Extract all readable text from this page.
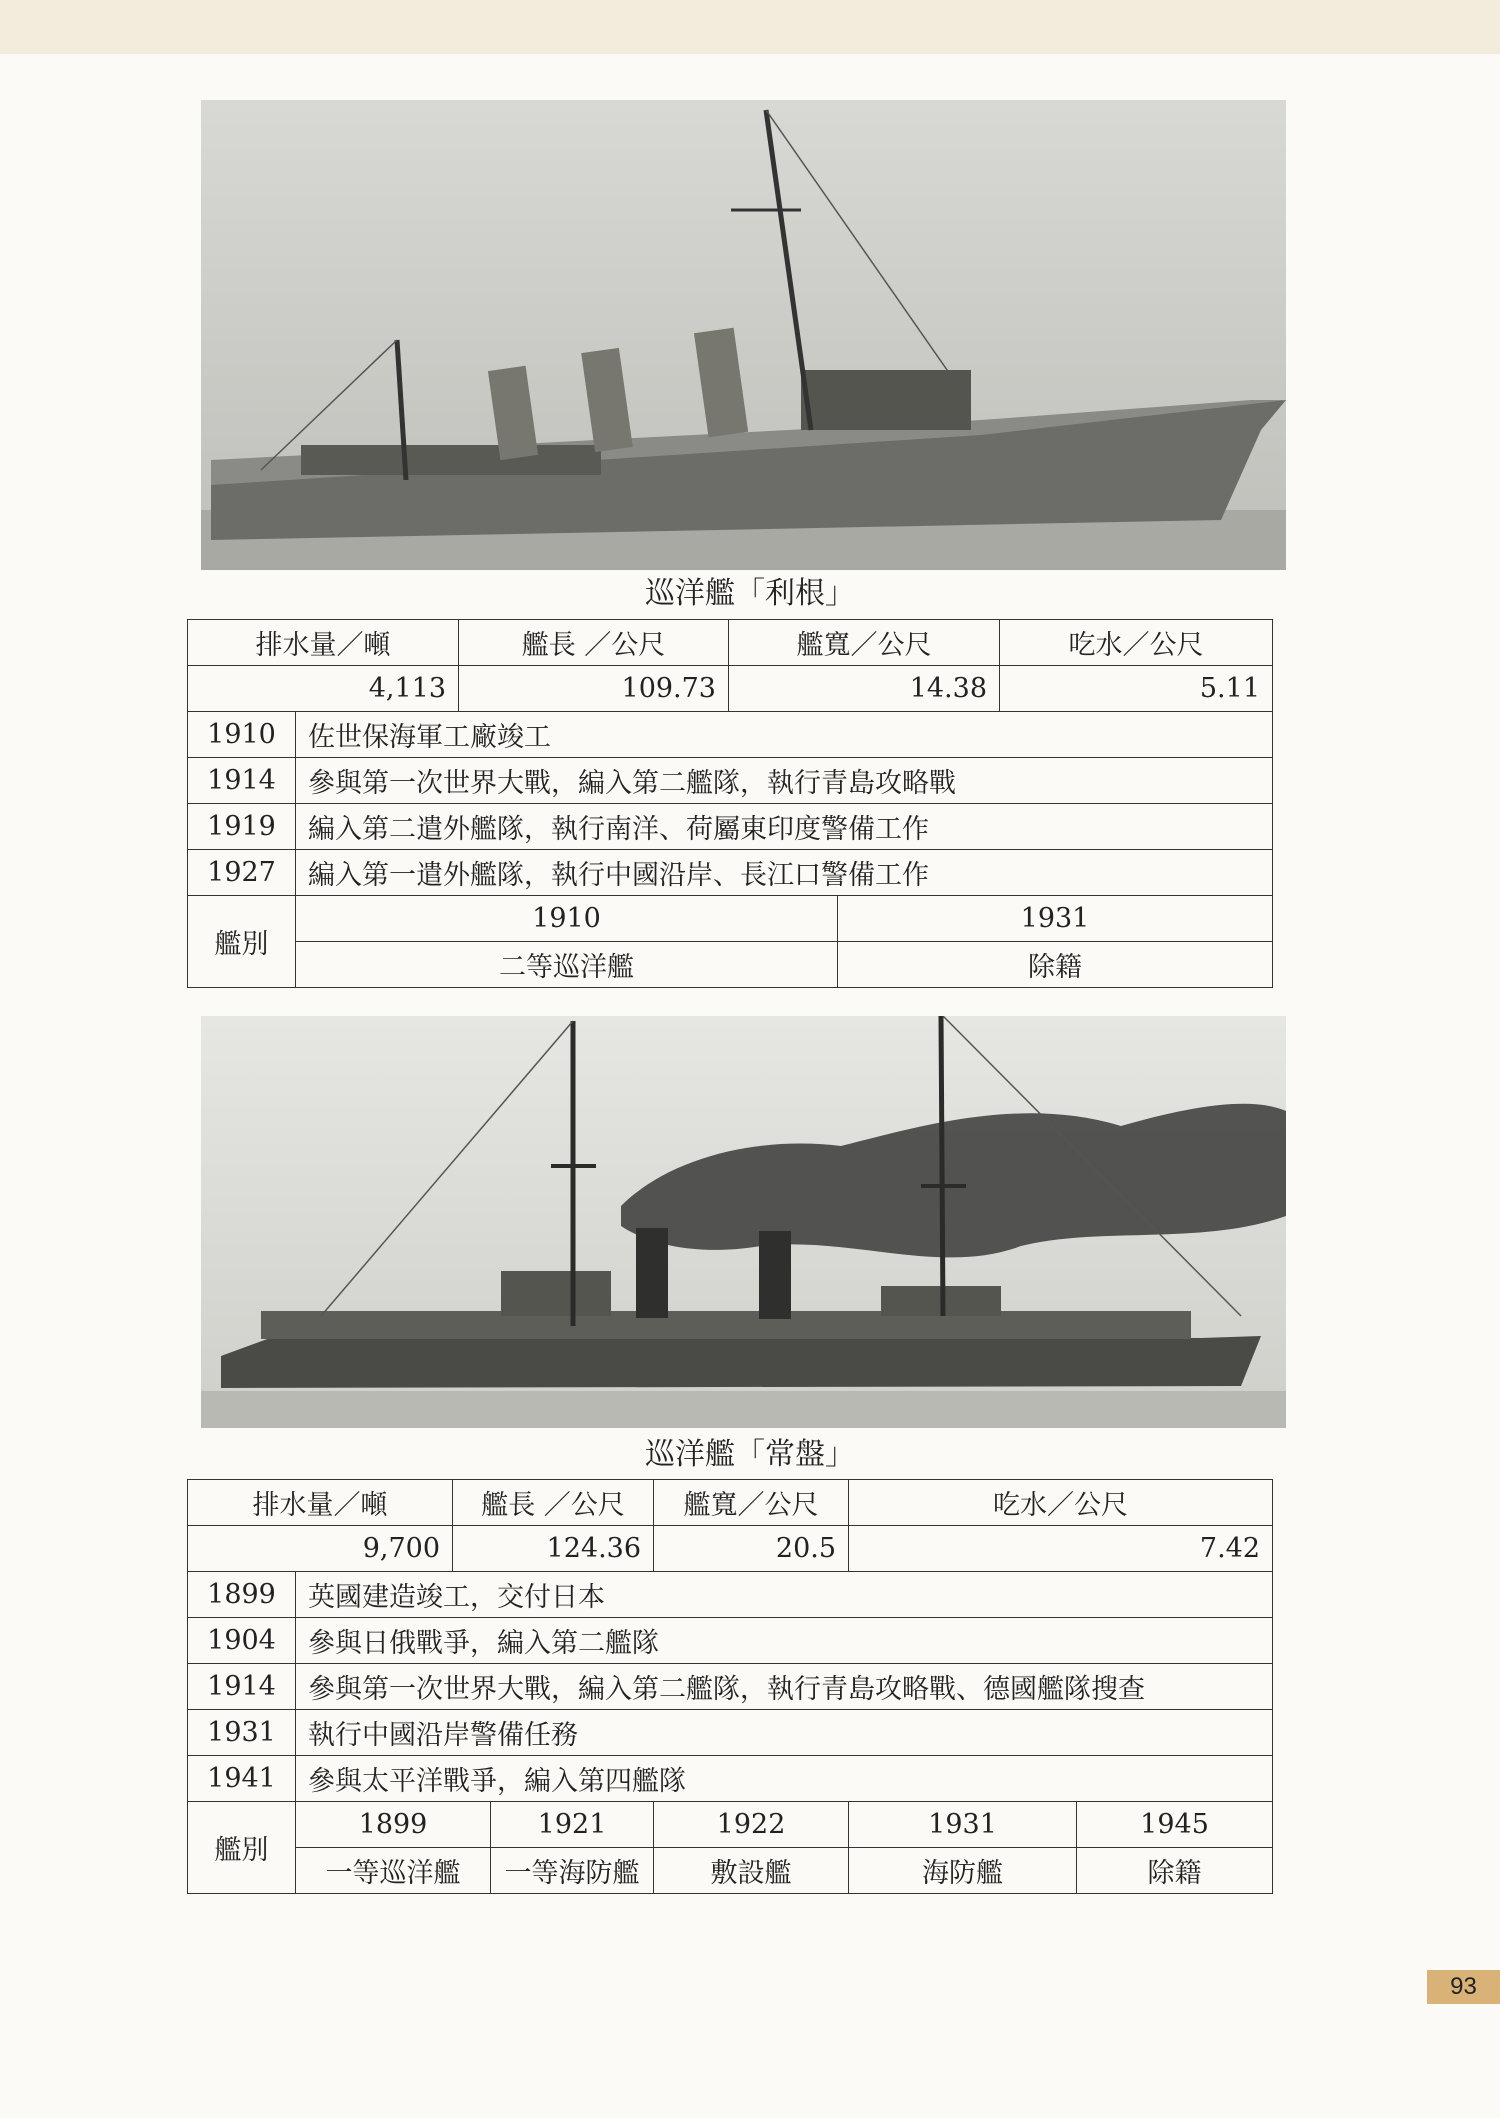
巡洋艦「利根」
排水量／噸		艦長 ／公尺	艦寬／公尺		吃水／公尺
4,113		109.73	14.38		5.11
1910	佐世保海軍工廠竣工				
1914	參與第一次世界大戰，編入第二艦隊，執行青島攻略戰				
1919	編入第二遣外艦隊，執行南洋、荷屬東印度警備工作				
1927	編入第一遣外艦隊，執行中國沿岸、長江口警備工作				
艦別	1910			1931	
	二等巡洋艦			除籍	
巡洋艦「常盤」
排水量／噸		艦長 ／公尺		艦寬／公尺	吃水／公尺	
9,700		124.36		20.5	7.42	
1899	英國建造竣工，交付日本					
1904	參與日俄戰爭，編入第二艦隊					
1914	參與第一次世界大戰，編入第二艦隊，執行青島攻略戰、德國艦隊搜查					
1931	執行中國沿岸警備任務					
1941	參與太平洋戰爭，編入第四艦隊					
艦別	1899		1921	1922	1931	1945
	一等巡洋艦		一等海防艦	敷設艦	海防艦	除籍
93
